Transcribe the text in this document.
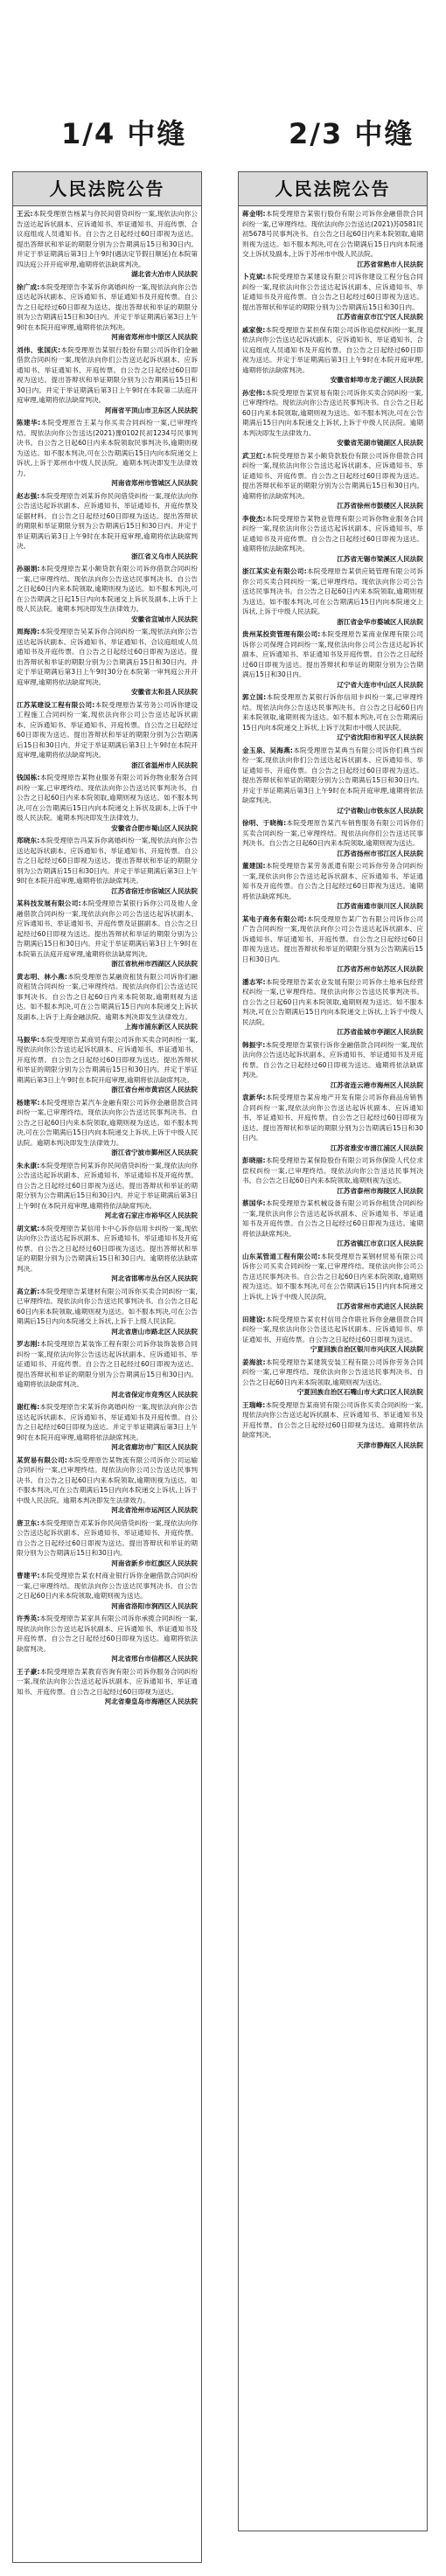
1/4 中缝	2/3 中缝
人民法院公告
王云:本院受理原告杨某与你民间借贷纠纷一案,现依法向你公告送达起诉状副本、应诉通知书、举证通知书、开庭传票、合议庭组成人员通知书。自公告之日起经过60日即视为送达。提出答辩状和举证的期限分别为公告期满后15日和30日内。并定于举证期满后第3日上午9时(遇法定节假日顺延)在本院第四法庭公开开庭审理,逾期将依法缺席判决。
湖北省大冶市人民法院
徐广成:本院受理原告李某诉你离婚纠纷一案,现依法向你公告送达起诉状副本、应诉通知书、举证通知书及开庭传票。自公告之日起经过60日即视为送达。提出答辩状和举证的期限分别为公告期满后15日和30日内。并定于举证期满后第3日上午9时在本院开庭审理,逾期将依法判决。
河南省郑州市中原区人民法院
刘伟、张国庆:本院受理原告某银行股份有限公司诉你们金融借款合同纠纷一案,现依法向你们公告送达起诉状副本、应诉通知书、举证通知书、开庭传票。自公告之日起经过60日即视为送达。提出答辩状和举证期限分别为公告期满后15日和30日内。并定于举证期满后第3日上午9时在本院第二法庭开庭审理,逾期将依法缺席判决。
河南省平顶山市卫东区人民法院
陈建华:本院受理原告王某与你买卖合同纠纷一案,已审理终结。现依法向你公告送达(2021)豫0102民初1234号民事判决书。自公告之日起60日内来本院领取民事判决书,逾期则视为送达。如不服本判决,可在公告期满后15日内向本院递交上诉状,上诉于郑州市中级人民法院。逾期本判决即发生法律效力。
河南省郑州市管城区人民法院
赵志强:本院受理原告刘某诉你民间借贷纠纷一案,现依法向你公告送达起诉状副本、应诉通知书、举证通知书、开庭传票及证据材料。自公告之日起经过60日即视为送达。提出答辩状的期限和举证期限分别为公告期满后15日和30日内。并定于举证期满后第3日上午9时在本院开庭审理,逾期将依法缺席判决。
浙江省义乌市人民法院
孙丽娟:本院受理原告某小额贷款有限公司诉你借款合同纠纷一案,已审理终结。现依法向你公告送达民事判决书。自公告之日起60日内来本院领取,逾期则视为送达。如不服本判决,可在公告期满之日起15日内向本院递交上诉状及副本,上诉于上级人民法院。逾期本判决即发生法律效力。
安徽省宣城市人民法院
周海涛:本院受理原告吴某诉你合同纠纷一案,现依法向你公告送达起诉状副本、应诉通知书、举证通知书、合议庭组成人员通知书及开庭传票。自公告之日起经过60日即视为送达。提出答辩状和举证的期限分别为公告期满后15日和30日内。并定于举证期满后第3日上午9时30分在本院第一审判庭公开开庭审理,逾期将依法缺席判决。
安徽省太和县人民法院
江苏某建设工程有限公司:本院受理原告某劳务公司诉你建设工程施工合同纠纷一案,现依法向你公司公告送达起诉状副本、应诉通知书、举证通知书、开庭传票。自公告之日起经过60日即视为送达。提出答辩状和举证的期限分别为公告期满后15日和30日内。并定于举证期满后第3日上午9时在本院开庭审理,逾期将依法缺席判决。
浙江省温州市人民法院
钱国栋:本院受理原告某物业服务有限公司诉你物业服务合同纠纷一案,已审理终结。现依法向你公告送达民事判决书。自公告之日起60日内来本院领取,逾期则视为送达。如不服本判决,可在公告期满后15日内向本院递交上诉状及副本,上诉于中级人民法院。逾期本判决即发生法律效力。
安徽省合肥市蜀山区人民法院
郑晓东:本院受理原告冯某诉你离婚纠纷一案,现依法向你公告送达起诉状副本、应诉通知书、举证通知书、开庭传票。自公告之日起经过60日即视为送达。提出答辩状和举证的期限分别为公告期满后15日和30日内。并定于举证期满后第3日上午9时在本院开庭审理,逾期将依法缺席判决。
江苏省宿迁市宿城区人民法院
某科技发展有限公司:本院受理原告某银行诉你公司及他人金融借款合同纠纷一案,现依法向你公司公告送达起诉状副本、应诉通知书、举证通知书、开庭传票及证据副本。自公告之日起经过60日即视为送达。提出答辩状和举证的期限分别为公告期满后15日和30日内。并定于举证期满后第3日上午9时在本院第五法庭开庭审理,逾期将依法缺席判决。
浙江省杭州市西湖区人民法院
黄志明、林小燕:本院受理原告某融资租赁有限公司诉你们融资租赁合同纠纷一案,已审理终结。现依法向你们公告送达民事判决书。自公告之日起60日内来本院领取,逾期则视为送达。如不服本判决,可在公告期满后15日内向本院递交上诉状及副本,上诉于上海金融法院。逾期本判决即发生法律效力。
上海市浦东新区人民法院
马振华:本院受理原告某商贸有限公司诉你买卖合同纠纷一案,现依法向你公告送达起诉状副本、应诉通知书、举证通知书、开庭传票。自公告之日起经过60日即视为送达。提出答辩状和举证的期限分别为公告期满后15日和30日内。并定于举证期满后第3日上午9时在本院开庭审理,逾期将依法缺席判决。
浙江省台州市黄岩区人民法院
杨建军:本院受理原告某汽车金融有限公司诉你金融借款合同纠纷一案,已审理终结。现依法向你公告送达民事判决书。自公告之日起60日内来本院领取,逾期则视为送达。如不服本判决,可在公告期满后15日内向本院递交上诉状,上诉于中级人民法院。逾期本判决即发生法律效力。
浙江省宁波市鄞州区人民法院
朱永康:本院受理原告何某诉你民间借贷纠纷一案,现依法向你公告送达起诉状副本、应诉通知书、举证通知书及开庭传票。自公告之日起经过60日即视为送达。提出答辩状和举证的期限分别为公告期满后15日和30日内。并定于举证期满后第3日上午9时在本院开庭审理,逾期将依法缺席判决。
河北省石家庄市裕华区人民法院
胡文斌:本院受理原告某信用卡中心诉你信用卡纠纷一案,现依法向你公告送达起诉状副本、应诉通知书、举证通知书及开庭传票。自公告之日起经过60日即视为送达。提出答辩状和举证的期限分别为公告期满后15日和30日内。逾期将依法缺席判决。
河北省邯郸市丛台区人民法院
高立新:本院受理原告某建材有限公司诉你买卖合同纠纷一案,已审理终结。现依法向你公告送达民事判决书。自公告之日起60日内来本院领取,逾期则视为送达。如不服本判决,可在公告期满后15日内向本院递交上诉状,上诉于上级人民法院。
河北省唐山市路北区人民法院
罗志刚:本院受理原告某装饰工程有限公司诉你装饰装修合同纠纷一案,现依法向你公告送达起诉状副本、应诉通知书、举证通知书、开庭传票。自公告之日起经过60日即视为送达。提出答辩状和举证的期限分别为公告期满后15日和30日内。逾期将依法缺席判决。
河北省保定市竞秀区人民法院
谢红梅:本院受理原告宋某诉你离婚纠纷一案,现依法向你公告送达起诉状副本、应诉通知书、举证通知书及开庭传票。自公告之日起经过60日即视为送达。并定于举证期满后第3日上午9时在本院开庭审理,逾期将依法缺席判决。
河北省廊坊市广阳区人民法院
某贸易有限公司:本院受理原告某物流有限公司诉你公司运输合同纠纷一案,已审理终结。现依法向你公司公告送达民事判决书。自公告之日起60日内来本院领取,逾期则视为送达。如不服本判决,可在公告期满后15日内向本院递交上诉状,上诉于中级人民法院。逾期本判决即发生法律效力。
河北省沧州市运河区人民法院
唐卫东:本院受理原告邓某诉你民间借贷纠纷一案,现依法向你公告送达起诉状副本、应诉通知书、举证通知书、开庭传票。自公告之日起经过60日即视为送达。提出答辩状和举证的期限分别为公告期满后15日和30日内。
河南省新乡市红旗区人民法院
曹建平:本院受理原告某农村商业银行诉你金融借款合同纠纷一案,已审理终结。现依法向你公告送达民事判决书。自公告之日起60日内来本院领取,逾期则视为送达。
河南省洛阳市涧西区人民法院
许秀英:本院受理原告某家具有限公司诉你承揽合同纠纷一案,现依法向你公告送达起诉状副本、应诉通知书、举证通知书及开庭传票。自公告之日起经过60日即视为送达。逾期将依法缺席判决。
河北省邢台市信都区人民法院
王子豪:本院受理原告某教育咨询有限公司诉你服务合同纠纷一案,现依法向你公告送达起诉状副本、应诉通知书、举证通知书、开庭传票。自公告之日起经过60日即视为送达。
河北省秦皇岛市海港区人民法院
人民法院公告
蒋金明:本院受理原告某银行股份有限公司诉你金融借款合同纠纷一案,已审理终结。现依法向你公告送达(2021)苏0581民初5678号民事判决书。自公告之日起60日内来本院领取,逾期则视为送达。如不服本判决,可在公告期满后15日内向本院递交上诉状及副本,上诉于苏州市中级人民法院。
江苏省常熟市人民法院
卜克斌:本院受理原告某建设有限公司诉你建设工程分包合同纠纷一案,现依法向你公告送达起诉状副本、应诉通知书、举证通知书及开庭传票。自公告之日起经过60日即视为送达。提出答辩状和举证的期限分别为公告期满后15日和30日内。
江苏省南京市江宁区人民法院
戚家俊:本院受理原告某担保有限公司诉你追偿权纠纷一案,现依法向你公告送达起诉状副本、应诉通知书、举证通知书、合议庭组成人员通知书及开庭传票。自公告之日起经过60日即视为送达。并定于举证期满后第3日上午9时在本院开庭审理,逾期将依法缺席判决。
安徽省蚌埠市龙子湖区人民法院
孙宏伟:本院受理原告某贸易有限公司诉你买卖合同纠纷一案,已审理终结。现依法向你公告送达民事判决书。自公告之日起60日内来本院领取,逾期则视为送达。如不服本判决,可在公告期满后15日内向本院递交上诉状,上诉于中级人民法院。逾期本判决即发生法律效力。
安徽省芜湖市镜湖区人民法院
武卫红:本院受理原告某小额贷款股份有限公司诉你借款合同纠纷一案,现依法向你公告送达起诉状副本、应诉通知书、举证通知书、开庭传票。自公告之日起经过60日即视为送达。提出答辩状和举证的期限分别为公告期满后15日和30日内。逾期将依法缺席判决。
江苏省徐州市鼓楼区人民法院
李俊杰:本院受理原告某物业管理有限公司诉你物业服务合同纠纷一案,现依法向你公告送达起诉状副本、应诉通知书、举证通知书及开庭传票。自公告之日起经过60日即视为送达。逾期将依法缺席判决。
江苏省无锡市梁溪区人民法院
浙江某实业有限公司:本院受理原告某供应链管理有限公司诉你公司买卖合同纠纷一案,已审理终结。现依法向你公司公告送达民事判决书。自公告之日起60日内来本院领取,逾期则视为送达。如不服本判决,可在公告期满后15日内向本院递交上诉状,上诉于中级人民法院。
浙江省金华市婺城区人民法院
贵州某投资管理有限公司:本院受理原告某商业保理有限公司诉你公司保理合同纠纷一案,现依法向你公司公告送达起诉状副本、应诉通知书、举证通知书及开庭传票。自公告之日起经过60日即视为送达。提出答辩状和举证的期限分别为公告期满后15日和30日内。
辽宁省大连市中山区人民法院
郭立国:本院受理原告某银行诉你信用卡纠纷一案,已审理终结。现依法向你公告送达民事判决书。自公告之日起60日内来本院领取,逾期则视为送达。如不服本判决,可在公告期满后15日内向本院递交上诉状,上诉于沈阳市中级人民法院。
辽宁省沈阳市和平区人民法院
金玉泉、吴海燕:本院受理原告某典当有限公司诉你们典当纠纷一案,现依法向你们公告送达起诉状副本、应诉通知书、举证通知书、开庭传票。自公告之日起经过60日即视为送达。提出答辩状和举证的期限分别为公告期满后15日和30日内。并定于举证期满后第3日上午9时在本院开庭审理,逾期将依法缺席判决。
辽宁省鞍山市铁东区人民法院
徐明、于晓梅:本院受理原告某汽车销售服务有限公司诉你们买卖合同纠纷一案,已审理终结。现依法向你们公告送达民事判决书。自公告之日起60日内来本院领取,逾期则视为送达。
江苏省扬州市邗江区人民法院
董建国:本院受理原告某劳务派遣有限公司诉你劳务合同纠纷一案,现依法向你公告送达起诉状副本、应诉通知书、举证通知书及开庭传票。自公告之日起经过60日即视为送达。逾期将依法缺席判决。
江苏省南通市崇川区人民法院
某电子商务有限公司:本院受理原告某广告有限公司诉你公司广告合同纠纷一案,现依法向你公司公告送达起诉状副本、应诉通知书、举证通知书、开庭传票。自公告之日起经过60日即视为送达。提出答辩状和举证的期限分别为公告期满后15日和30日内。
江苏省苏州市姑苏区人民法院
潘志军:本院受理原告某农业发展有限公司诉你土地承包经营权纠纷一案,已审理终结。现依法向你公告送达民事判决书。自公告之日起60日内来本院领取,逾期则视为送达。如不服本判决,可在公告期满后15日内向本院递交上诉状,上诉于中级人民法院。
江苏省盐城市亭湖区人民法院
韩振宇:本院受理原告某银行诉你金融借款合同纠纷一案,现依法向你公告送达起诉状副本、应诉通知书、举证通知书及开庭传票。自公告之日起经过60日即视为送达。逾期将依法缺席判决。
江苏省连云港市海州区人民法院
袁新华:本院受理原告某房地产开发有限公司诉你商品房销售合同纠纷一案,现依法向你公告送达起诉状副本、应诉通知书、举证通知书、开庭传票。自公告之日起经过60日即视为送达。提出答辩状和举证的期限分别为公告期满后15日和30日内。
江苏省淮安市清江浦区人民法院
彭晓丽:本院受理原告某保险股份有限公司诉你保险人代位求偿权纠纷一案,已审理终结。现依法向你公告送达民事判决书。自公告之日起60日内来本院领取,逾期则视为送达。
江苏省泰州市海陵区人民法院
蔡国华:本院受理原告某机械设备有限公司诉你租赁合同纠纷一案,现依法向你公告送达起诉状副本、应诉通知书、举证通知书及开庭传票。自公告之日起经过60日即视为送达。逾期将依法缺席判决。
江苏省镇江市京口区人民法院
山东某管道工程有限公司:本院受理原告某钢材贸易有限公司诉你公司买卖合同纠纷一案,已审理终结。现依法向你公司公告送达民事判决书。自公告之日起60日内来本院领取,逾期则视为送达。如不服本判决,可在公告期满后15日内向本院递交上诉状,上诉于中级人民法院。
江苏省常州市武进区人民法院
田建设:本院受理原告某农村信用合作联社诉你金融借款合同纠纷一案,现依法向你公告送达起诉状副本、应诉通知书、举证通知书、开庭传票。自公告之日起经过60日即视为送达。
宁夏回族自治区银川市兴庆区人民法院
姜海波:本院受理原告某建筑安装工程有限公司诉你劳务合同纠纷一案,已审理终结。现依法向你公告送达民事判决书。自公告之日起60日内来本院领取,逾期则视为送达。
宁夏回族自治区石嘴山市大武口区人民法院
王瑞峰:本院受理原告某商贸有限公司诉你买卖合同纠纷一案,现依法向你公告送达起诉状副本、应诉通知书、举证通知书及开庭传票。自公告之日起经过60日即视为送达。逾期将依法缺席判决。
天津市静海区人民法院
